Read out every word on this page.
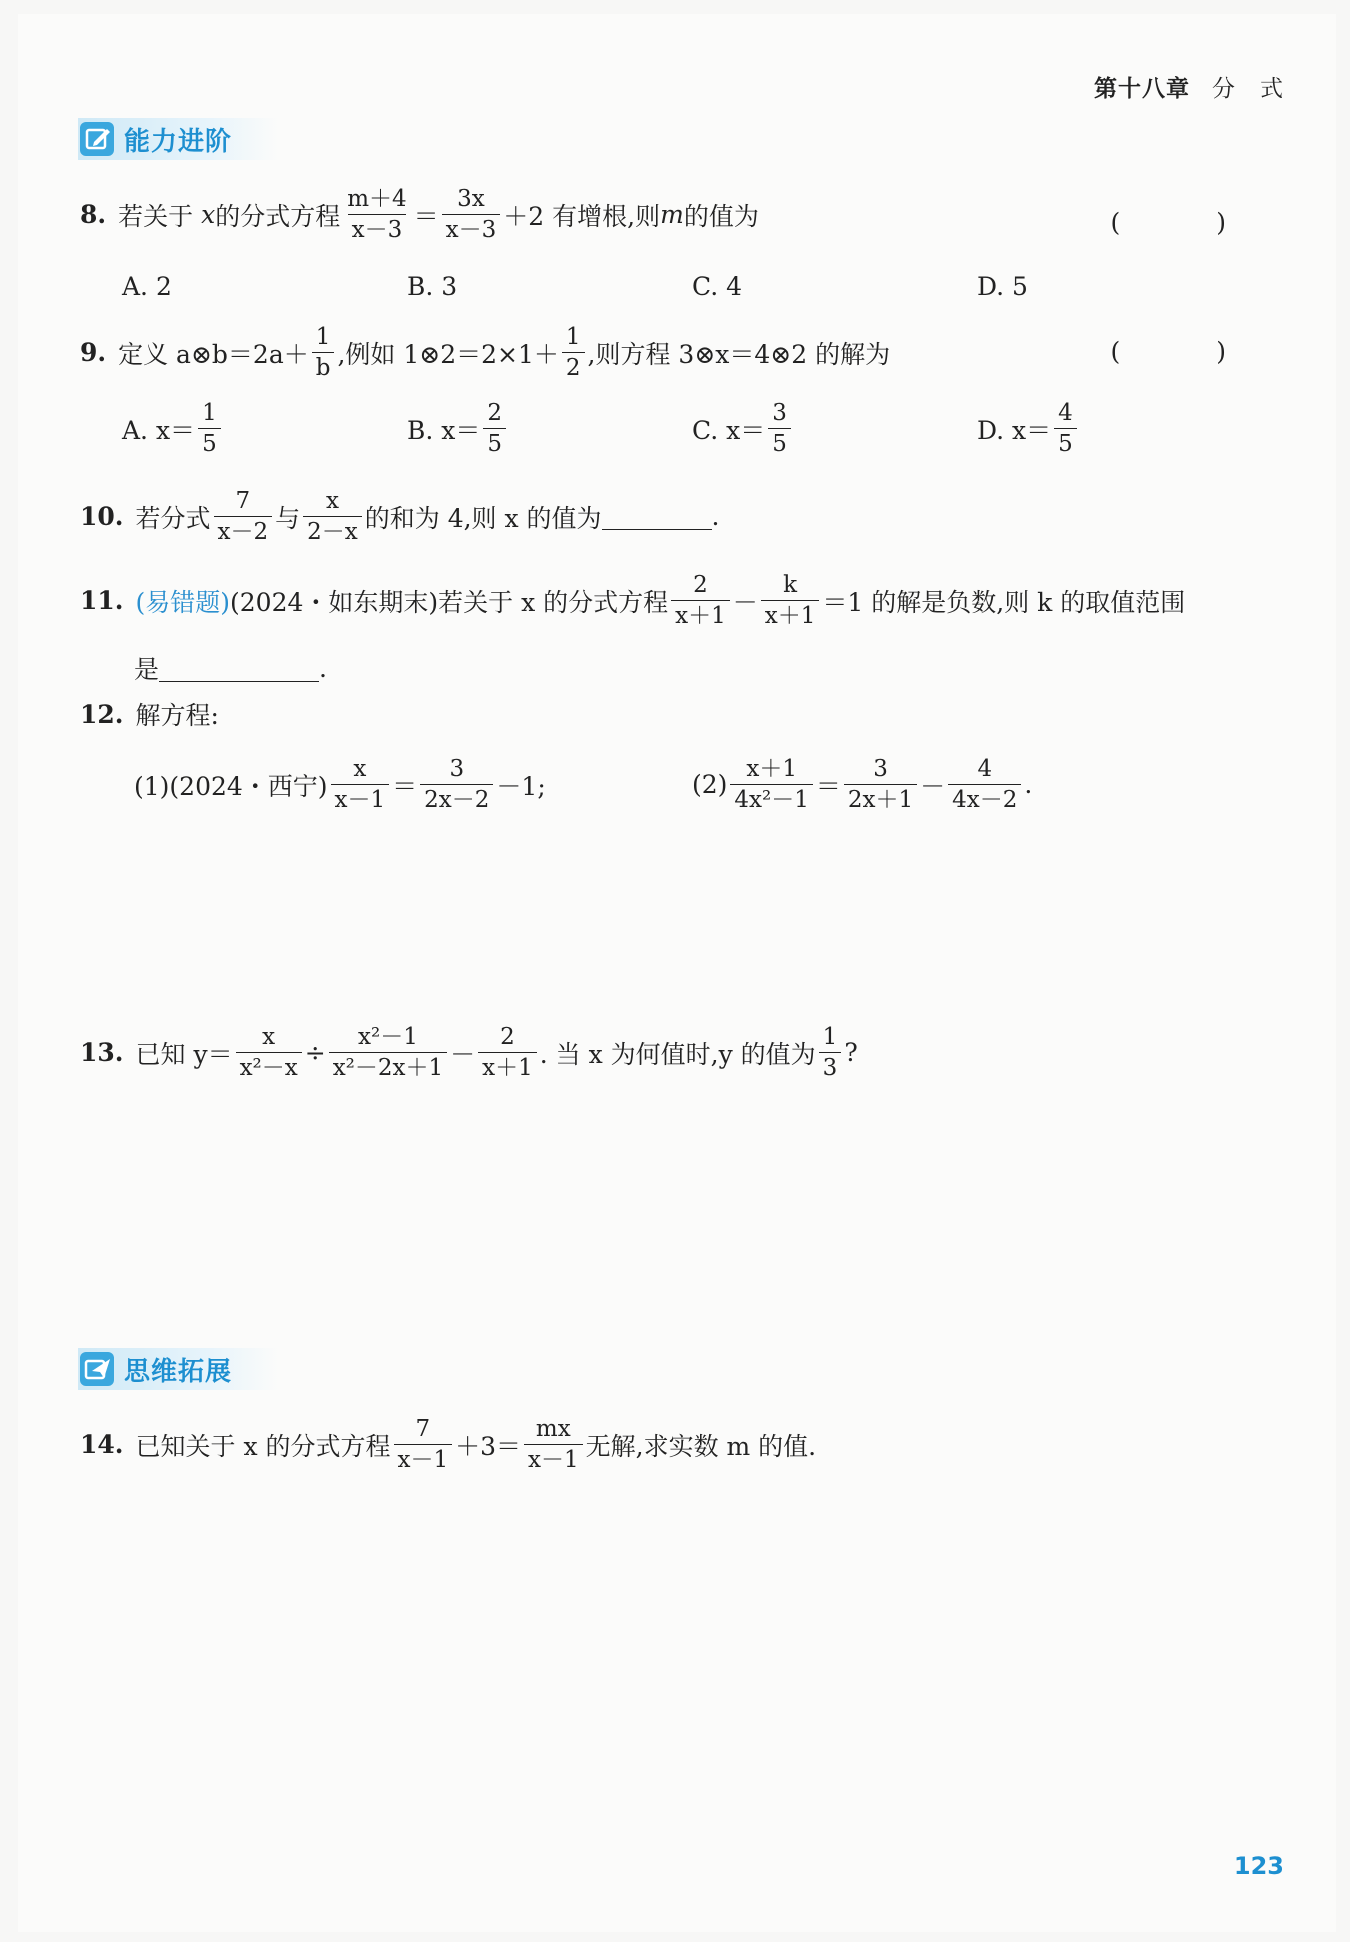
第十八章 分　式
能力进阶
8. 若关于
x 的分式方程 $\frac{m+4}{x-3} = \frac{3x}{x-3} +2$ 有增根,则 m 的值为	( )
A. 2	B. 3	C. 4	D. 5
9. 定义 a⊗b＝2a＋ $\frac{1}{b}$ ,例如 1⊗2＝2×1＋ $\frac{1}{2}$ ,则方程 3⊗x＝4⊗2 的解为	( )
A. $x= \frac{1}{5}$	B. $x= \frac{2}{5}$	C. $x= \frac{3}{5}$	D. $x= \frac{4}{5}$
10. 若分式 $\frac{7}{x-2}$ 与 $\frac{x}{2-x}$ 的和为 4,则 x 的值为	.
11. (易错题) (2024・如东期末) 若关于 x 的分式方程 $\frac{2}{x+1} - \frac{k}{x+1} =1$ 的解是负数,则 k 的取值范围
是	.
12. 解方程:
(1)(2024・西宁) $\frac{x}{x-1} = \frac{3}{2x-2} -1$;	$(2) \frac{x+1}{\text{4x²－1}} = \frac{3}{2x+1} - \frac{4}{4x-2}$ .
13. 已知 $y= \frac{x}{\text{x²－x}} \div \frac{\text{x²－1}}{\text{x²－2x＋1}} - \frac{2}{x+1}$ . 当 x 为何值时,y 的值为 $\frac{1}{3}$ ?
思维拓展
14. 已知关于 x 的分式方程 $\frac{7}{x-1} +3= \frac{mx}{x-1}$ 无解,求实数 m 的值.
123
